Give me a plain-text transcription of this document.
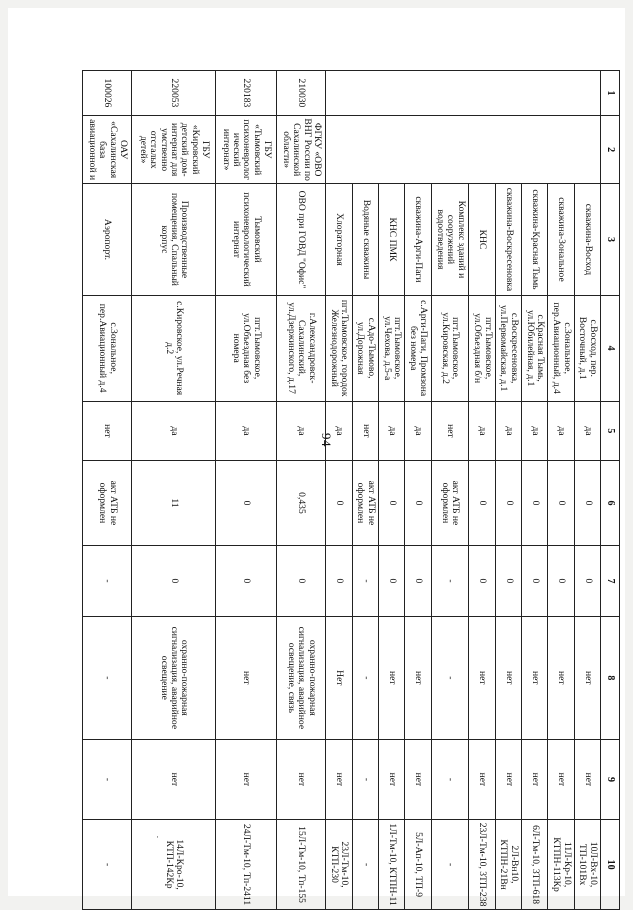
94
1	2	3	4	5	6	7	8	9	10
		скважина-Восход	с.Восход, пер. Восточный, д.1	да	0	0	нет	нет	10Л-Вх-10, ТП-101Вх
		скважина-Зональное	с.Зональное, пер.Авиационный, д.4	да	0	0	нет	нет	11Л-Кр-10, КТПН-113Кр
		скважина-Красная Тымь	с.Красная Тымь, ул.Юбилейная, д.1	да	0	0	нет	нет	6Л-Тм-10, 3ТП-618
		скважина-Воскресеновка	с.Воскресеновка, ул.Первомайская, д.1	да	0	0	нет	нет	2Л-Вн10, КТПН-21Вн
		КНС	пгт.Тымовское, ул.Объездная б/н	да	0	0	нет	нет	23Л-Тм-10, 3ТП-238
		Комплекс зданий и сооружений водоотведения	пгт.Тымовское, ул.Кировская, д.2	нет	акт АТБ не оформлен	-	-	-	-
		скважина-Арги-Паги	с.Арги-Паги, Промзона без номера	да	0	0	нет	нет	5Л-Ап-10, ТП-9
		КНС ПМК	пгт.Тымовское, ул.Чехова, д.5-а	да	0	0	нет	нет	1Л-Тм-10, КТПН-11
		Водяные скважины	с.Адо-Тымово, ул.Дорожная	нет	акт АТБ не оформлен	-	-	-	-
		Хлораторная	пгт.Тымовское, городок Железнодорожный	да	0	0	Нет	нет	23Л-Тм-10, КТП-230
210030	ФГКУ «ОВО ВНГ России по Сахалинской области»	ОВО при ГОВД "Офис"	г.Александровск-Сахалинский, ул.Дзержинского, д.17	да	0,435	0	охранно-пожарная сигнализация, аварийное освещение, связь	нет	15Л-Тм-10, Тп-155
220183	ГБУ «Тымовский психоневрологический интернат»	Тымовский психоневрологический интернат	пгт.Тымовское, ул.Объездная без номера	да	0	0	нет	нет	24Л-Тм-10, Тп-2411
220053	ГБУ «Кировский детский дом-интернат для умственно отсталых детей»	Производственные помещения, Спальный корпус	с.Кировское, ул.Речная д.2	да	11	0	охранно-пожарная сигнализация, аварийное освещение	нет	14Л-Кро-10, КТП-142Кр
100026	ОАУ «Сахалинская база авиационной и	Аэропорт.	с.Зональное, пер.Авиационный д.4	нет	акт АТБ не оформлен	-	-	-	-
·
